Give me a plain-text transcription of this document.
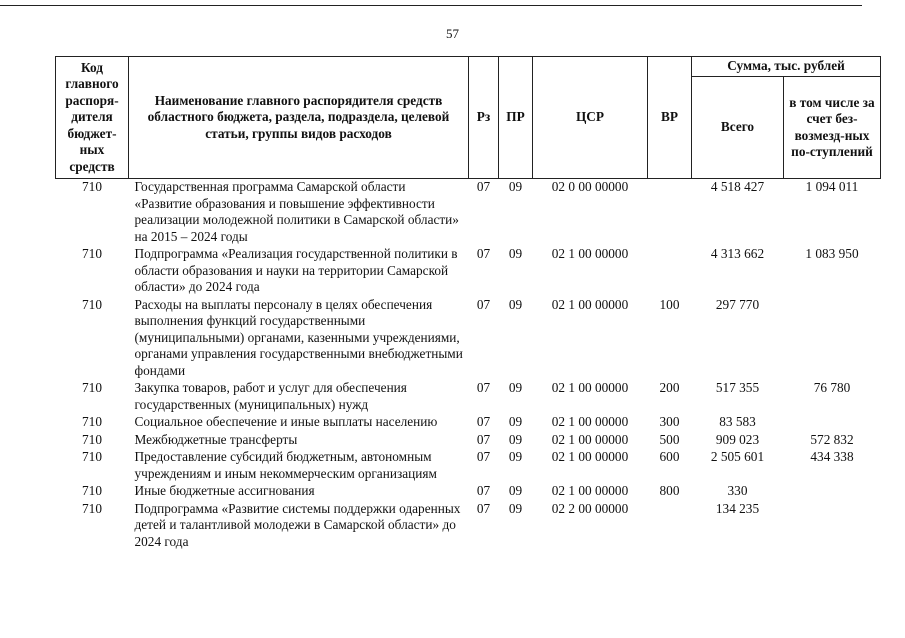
57
Код главного распоря-дителя бюджет-ных средств	Наименование главного распорядителя средств областного бюджета, раздела, подраздела, целевой статьи, группы видов расходов	Рз	ПР	ЦСР	ВР	Сумма, тыс. рублей	
						Всего	в том числе за счет без-возмезд-ных по-ступлений
710	Государственная программа Самарской области «Развитие образования и повышение эффективности реализации молодежной политики в Самарской области» на 2015 – 2024 годы	07	09	02 0 00 00000		4 518 427	1 094 011
710	Подпрограмма «Реализация государственной политики в области образования и науки на территории Самарской области» до 2024 года	07	09	02 1 00 00000		4 313 662	1 083 950
710	Расходы на выплаты персоналу в целях обеспечения выполнения функций государственными (муниципальными) органами, казенными учреждениями, органами управления государственными внебюджетными фондами	07	09	02 1 00 00000	100	297 770	
710	Закупка товаров, работ и услуг для обеспечения государственных (муниципальных) нужд	07	09	02 1 00 00000	200	517 355	76 780
710	Социальное обеспечение и иные выплаты населению	07	09	02 1 00 00000	300	83 583	
710	Межбюджетные трансферты	07	09	02 1 00 00000	500	909 023	572 832
710	Предоставление субсидий бюджетным, автономным учреждениям и иным некоммерческим организациям	07	09	02 1 00 00000	600	2 505 601	434 338
710	Иные бюджетные ассигнования	07	09	02 1 00 00000	800	330	
710	Подпрограмма «Развитие системы поддержки одаренных детей и талантливой молодежи в Самарской области» до 2024 года	07	09	02 2 00 00000		134 235	
